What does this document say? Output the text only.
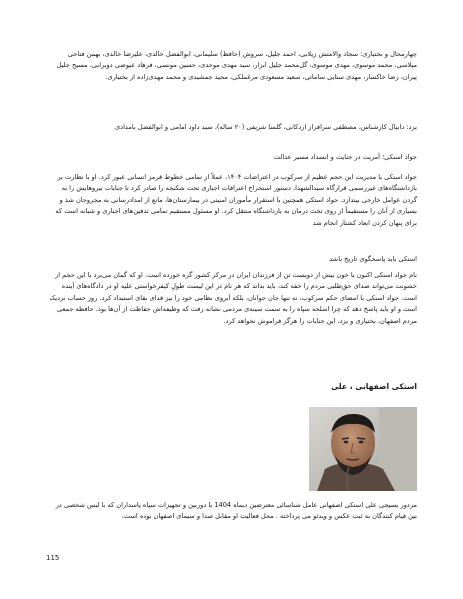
چهارمحال و بختیاری: سجاد والامتش زیلابی، احمد جلیل، سروش (حافظ) سلیمانی، ابوالفضل خالدی، علیرضا خالدی، بهمن فتاحی میلاسی، محمد موسوی، مهدی موسوی، گل‌محمد جلیل ابزار، سید مهدی موحدی، حسین مونسی، فرهاد عیوضی دوبرابی، مسیح جلیل پیران، رضا خاکسار، مهدی ستایی ساماتی، سعید مسعودی مرغملکی، مجید جمشیدی و محمد مهدی‌زاده از بختیاری.

یزد: دانیال کارشناس، مصطفی سرافراز اردکانی، گلسا شریفی (۲۰ ساله)، سید داود امامی و ابوالفضل بامدادی

جواد استکی؛ آمریت در جنایت و انسداد مسیر عدالت

جواد استکی با مدیریت این حجم عظیم از سرکوب در اعتراضات ۱۴۰۴، عملاً از تمامی خطوط قرمز انسانی عبور کرد. او با نظارت بر بازداشتگاه‌های غیررسمی قرارگاه سیدالشهدا، دستور استخراج اعترافات اجباری تحت شکنجه را صادر کرد تا جنایات نیروهایش را به گردن عوامل خارجی بیندازد. جواد استکی همچنین با استقرار مأموران امنیتی در بیمارستان‌ها، مانع از امدادرسانی به مجروحان شد و بسیاری از آنان را مستقیماً از روی تخت درمان به بازداشتگاه منتقل کرد. او مسئول مستقیم تمامی تدفین‌های اجباری و شبانه است که برای پنهان کردن ابعاد کشتار انجام شد

استکی باید پاسخگوی تاریخ باشد

نام جواد استکی اکنون با خون بیش از دویست تن از فرزندان ایران در مرکز کشور گره خورده است. او که گمان می‌برد با این حجم از خشونت می‌تواند صدای حق‌طلبی مردم را خفه کند، باید بداند که هر نام در این لیست طولِ کیفرخواستی علیه او در دادگاه‌های آینده است. جواد استکی با امضای حکم سرکوب، نه تنها جان جوانان، بلکه آبروی نظامی خود را نیز فدای بقای استبداد کرد. روز حساب نزدیک است و او باید پاسخ دهد که چرا اسلحه سپاه را به سمت سینه‌ی مردمی نشانه رفت که وظیفه‌اش حفاظت از آن‌ها بود. حافظه جمعی مردم اصفهان، بختیاری و یزد، این جنایات را هرگز فراموش نخواهد کرد.

استکی اصفهانی ، علی

مزدور بسیجی علی استکی اصفهانی عامل شناسائی معترضین دیماه 1404 با دوربین و تجهیزات سپاه پاسداران که با لبس شخصی در بین قیام کنندگان به ثبت عکس و ویدئو می پرداخته . محل فعالیت او مقابل صدا و سیمای اصفهان بوده است.

115
